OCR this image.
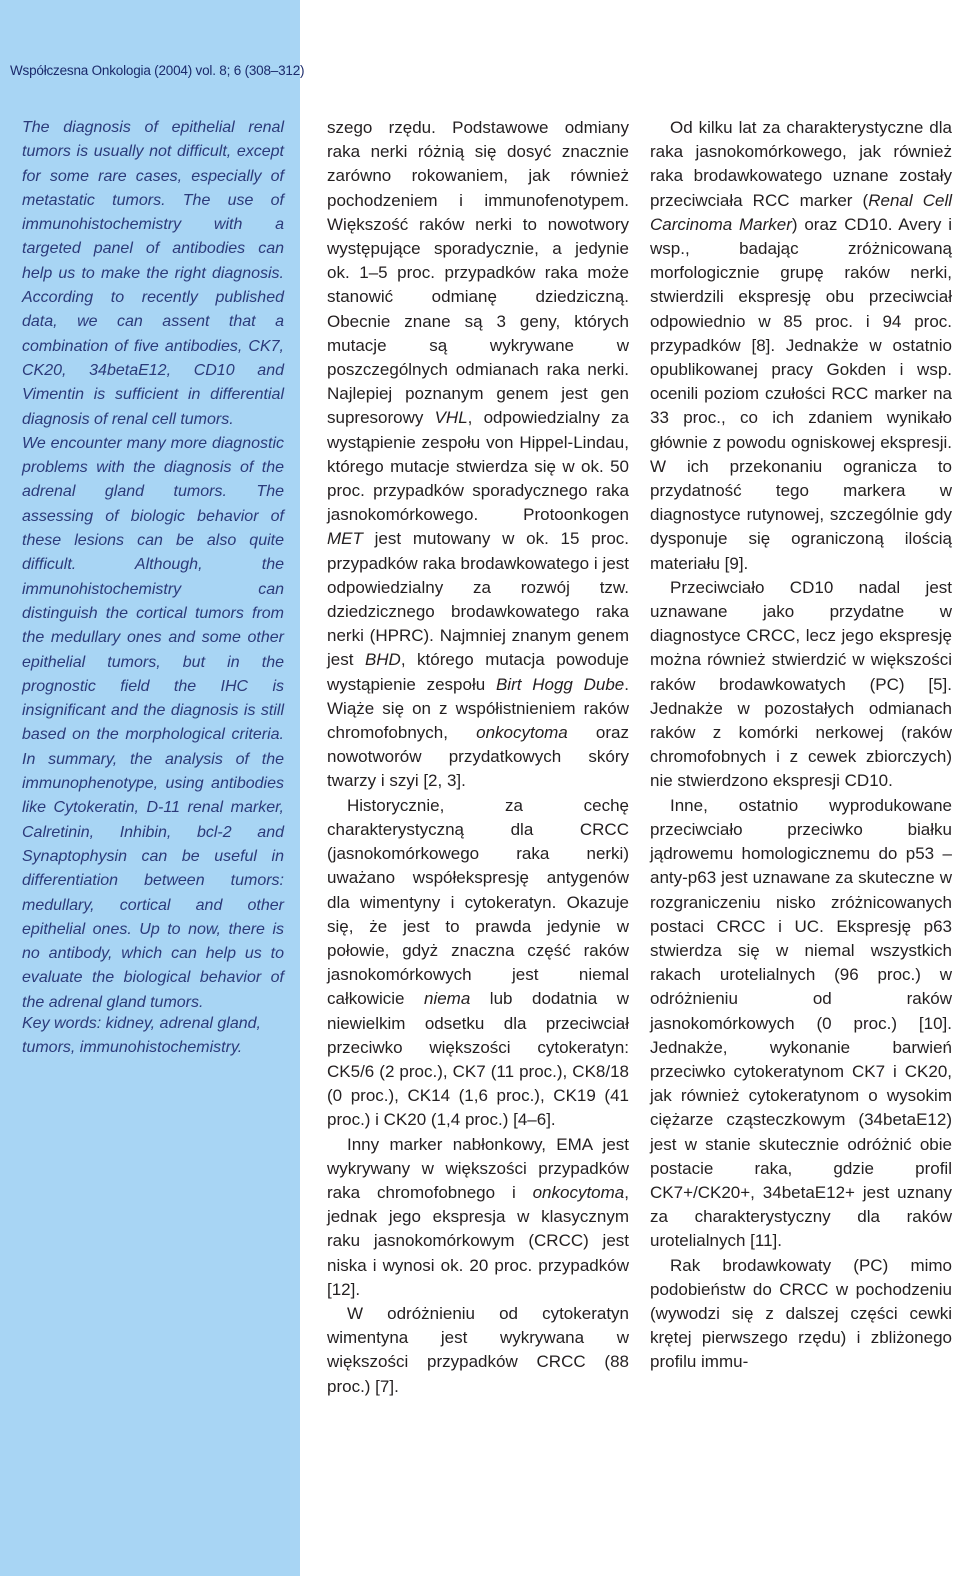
Współczesna Onkologia (2004) vol. 8; 6 (308–312)

The diagnosis of epithelial renal tumors is usually not difficult, except for some rare cases, especially of metastatic tumors. The use of immunohistochemistry with a targeted panel of antibodies can help us to make the right diagnosis. According to recently published data, we can assent that a combination of five antibodies, CK7, CK20, 34betaE12, CD10 and Vimentin is sufficient in differential diagnosis of renal cell tumors.

We encounter many more diagnostic problems with the diagnosis of the adrenal gland tumors. The assessing of biologic behavior of these lesions can be also quite difficult. Although, the immunohistochemistry can distinguish the cortical tumors from the medullary ones and some other epithelial tumors, but in the prognostic field the IHC is insignificant and the diagnosis is still based on the morphological criteria. In summary, the analysis of the immunophenotype, using antibodies like Cytokeratin, D-11 renal marker, Calretinin, Inhibin, bcl-2 and Synaptophysin can be useful in differentiation between tumors: medullary, cortical and other epithelial ones. Up to now, there is no antibody, which can help us to evaluate the biological behavior of the adrenal gland tumors.

Key words: kidney, adrenal gland, tumors, immunohistochemistry.

szego rzędu. Podstawowe odmiany raka nerki różnią się dosyć znacznie zarówno rokowaniem, jak również pochodzeniem i immunofenotypem. Większość raków nerki to nowotwory występujące sporadycznie, a jedynie ok. 1–5 proc. przypadków raka może stanowić odmianę dziedziczną. Obecnie znane są 3 geny, których mutacje są wykrywane w poszczególnych odmianach raka nerki. Najlepiej poznanym genem jest gen supresorowy VHL, odpowiedzialny za wystąpienie zespołu von Hippel-Lindau, którego mutacje stwierdza się w ok. 50 proc. przypadków sporadycznego raka jasnokomórkowego. Protoonkogen MET jest mutowany w ok. 15 proc. przypadków raka brodawkowatego i jest odpowiedzialny za rozwój tzw. dziedzicznego brodawkowatego raka nerki (HPRC). Najmniej znanym genem jest BHD, którego mutacja powoduje wystąpienie zespołu Birt Hogg Dube. Wiąże się on z współistnieniem raków chromofobnych, onkocytoma oraz nowotworów przydatkowych skóry twarzy i szyi [2, 3].

Historycznie, za cechę charakterystyczną dla CRCC (jasnokomórkowego raka nerki) uważano współekspresję antygenów dla wimentyny i cytokeratyn. Okazuje się, że jest to prawda jedynie w połowie, gdyż znaczna część raków jasnokomórkowych jest niemal całkowicie niema lub dodatnia w niewielkim odsetku dla przeciwciał przeciwko większości cytokeratyn: CK5/6 (2 proc.), CK7 (11 proc.), CK8/18 (0 proc.), CK14 (1,6 proc.), CK19 (41 proc.) i CK20 (1,4 proc.) [4–6].

Inny marker nabłonkowy, EMA jest wykrywany w większości przypadków raka chromofobnego i onkocytoma, jednak jego ekspresja w klasycznym raku jasnokomórkowym (CRCC) jest niska i wynosi ok. 20 proc. przypadków [12].

W odróżnieniu od cytokeratyn wimentyna jest wykrywana w większości przypadków CRCC (88 proc.) [7].

Od kilku lat za charakterystyczne dla raka jasnokomórkowego, jak również raka brodawkowatego uznane zostały przeciwciała RCC marker (Renal Cell Carcinoma Marker) oraz CD10. Avery i wsp., badając zróżnicowaną morfologicznie grupę raków nerki, stwierdzili ekspresję obu przeciwciał odpowiednio w 85 proc. i 94 proc. przypadków [8]. Jednakże w ostatnio opublikowanej pracy Gokden i wsp. ocenili poziom czułości RCC marker na 33 proc., co ich zdaniem wynikało głównie z powodu ogniskowej ekspresji. W ich przekonaniu ogranicza to przydatność tego markera w diagnostyce rutynowej, szczególnie gdy dysponuje się ograniczoną ilością materiału [9].

Przeciwciało CD10 nadal jest uznawane jako przydatne w diagnostyce CRCC, lecz jego ekspresję można również stwierdzić w większości raków brodawkowatych (PC) [5]. Jednakże w pozostałych odmianach raków z komórki nerkowej (raków chromofobnych i z cewek zbiorczych) nie stwierdzono ekspresji CD10.

Inne, ostatnio wyprodukowane przeciwciało przeciwko białku jądrowemu homologicznemu do p53 – anty-p63 jest uznawane za skuteczne w rozgraniczeniu nisko zróżnicowanych postaci CRCC i UC. Ekspresję p63 stwierdza się w niemal wszystkich rakach urotelialnych (96 proc.) w odróżnieniu od raków jasnokomórkowych (0 proc.) [10]. Jednakże, wykonanie barwień przeciwko cytokeratynom CK7 i CK20, jak również cytokeratynom o wysokim ciężarze cząsteczkowym (34betaE12) jest w stanie skutecznie odróżnić obie postacie raka, gdzie profil CK7+/CK20+, 34betaE12+ jest uznany za charakterystyczny dla raków urotelialnych [11].

Rak brodawkowaty (PC) mimo podobieństw do CRCC w pochodzeniu (wywodzi się z dalszej części cewki krętej pierwszego rzędu) i zbliżonego profilu immu-
